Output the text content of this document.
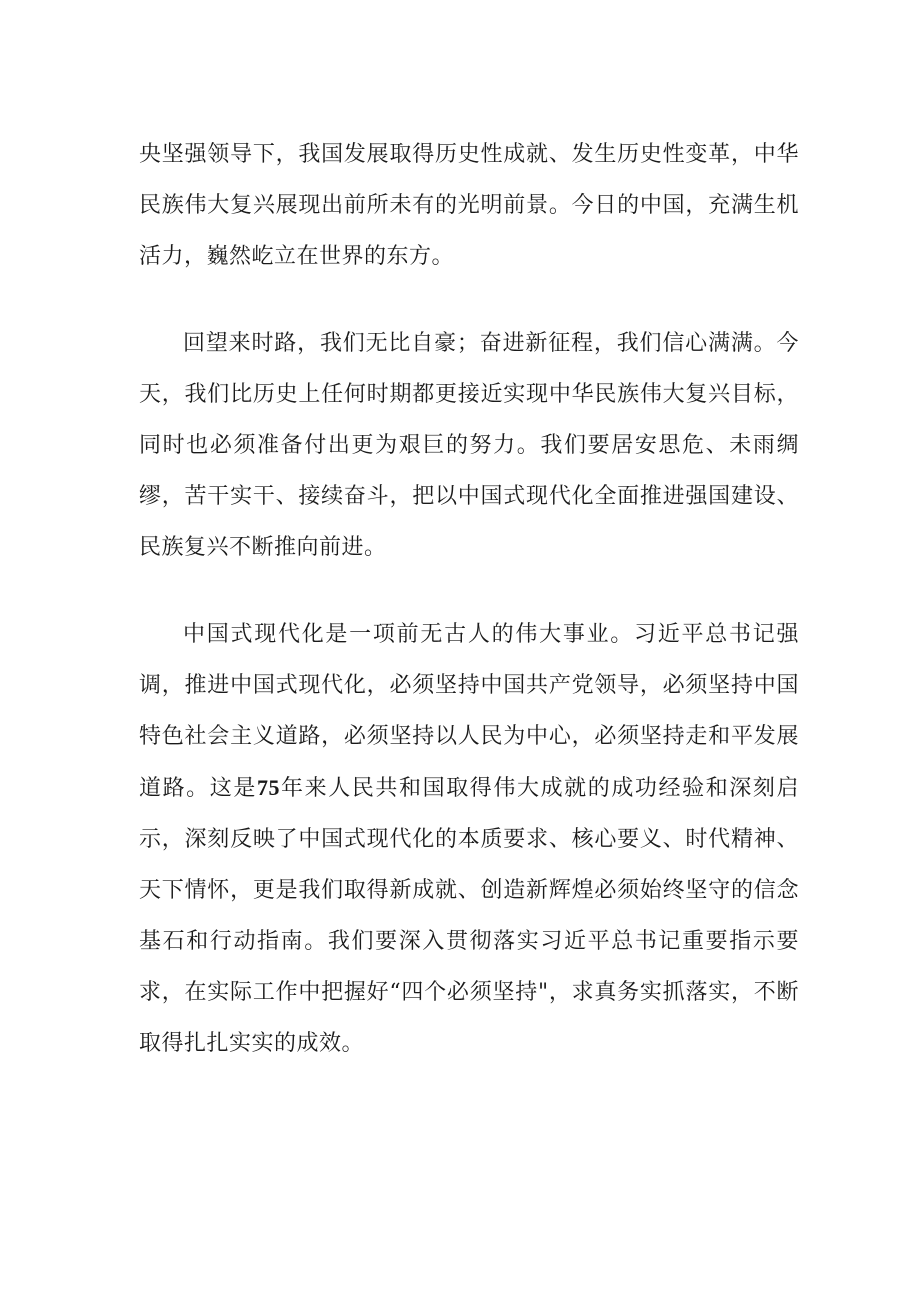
央坚强领导下，我国发展取得历史性成就、发生历史性变革，中华民族伟大复兴展现出前所未有的光明前景。今日的中国，充满生机活力，巍然屹立在世界的东方。

回望来时路，我们无比自豪；奋进新征程，我们信心满满。今天，我们比历史上任何时期都更接近实现中华民族伟大复兴目标，同时也必须准备付出更为艰巨的努力。我们要居安思危、未雨绸缪，苦干实干、接续奋斗，把以中国式现代化全面推进强国建设、民族复兴不断推向前进。

中国式现代化是一项前无古人的伟大事业。习近平总书记强调，推进中国式现代化，必须坚持中国共产党领导，必须坚持中国特色社会主义道路，必须坚持以人民为中心，必须坚持走和平发展道路。这是75年来人民共和国取得伟大成就的成功经验和深刻启示，深刻反映了中国式现代化的本质要求、核心要义、时代精神、天下情怀，更是我们取得新成就、创造新辉煌必须始终坚守的信念基石和行动指南。我们要深入贯彻落实习近平总书记重要指示要求，在实际工作中把握好“四个必须坚持"，求真务实抓落实，不断取得扎扎实实的成效。
